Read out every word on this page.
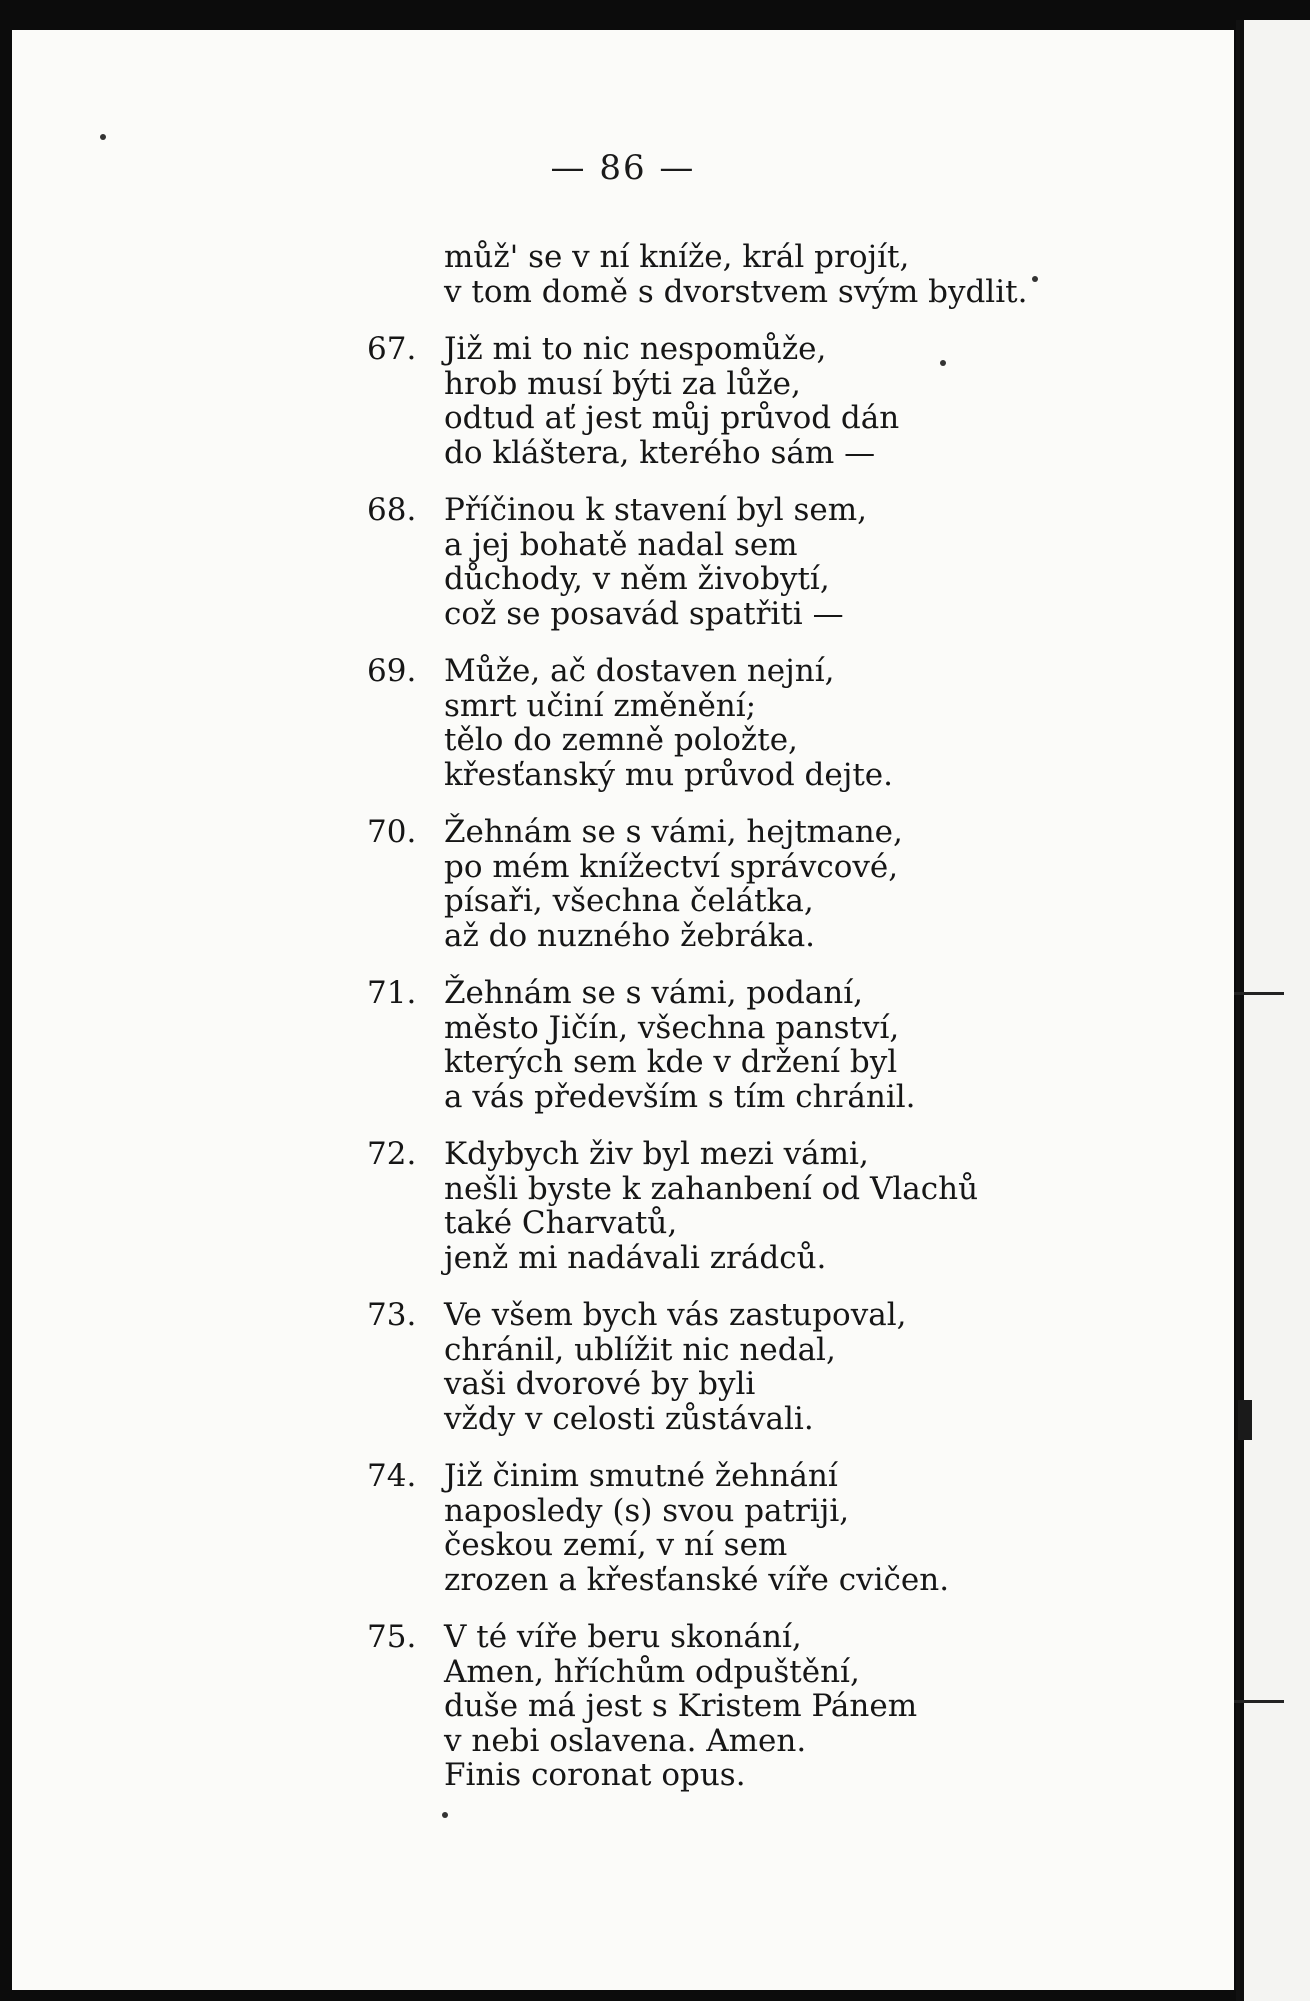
— 86 —
můž' se v ní kníže, král projít,
v tom domě s dvorstvem svým bydlit.
67. Již mi to nic nespomůže,
hrob musí býti za lůže,
odtud ať jest můj průvod dán
do kláštera, kterého sám —
68. Příčinou k stavení byl sem,
a jej bohatě nadal sem
důchody, v něm živobytí,
což se posavád spatřiti —
69. Může, ač dostaven nejní,
smrt učiní změnění;
tělo do zemně položte,
křesťanský mu průvod dejte.
70. Žehnám se s vámi, hejtmane,
po mém knížectví správcové,
písaři, všechna čelátka,
až do nuzného žebráka.
71. Žehnám se s vámi, podaní,
město Jičín, všechna panství,
kterých sem kde v držení byl
a vás především s tím chránil.
72. Kdybych živ byl mezi vámi,
nešli byste k zahanbení od Vlachů
také Charvatů,
jenž mi nadávali zrádců.
73. Ve všem bych vás zastupoval,
chránil, ublížit nic nedal,
vaši dvorové by byli
vždy v celosti zůstávali.
74. Již činim smutné žehnání
naposledy (s) svou patriji,
českou zemí, v ní sem
zrozen a křesťanské víře cvičen.
75. V té víře beru skonání,
Amen, hříchům odpuštění,
duše má jest s Kristem Pánem
v nebi oslavena. Amen.
Finis coronat opus.
